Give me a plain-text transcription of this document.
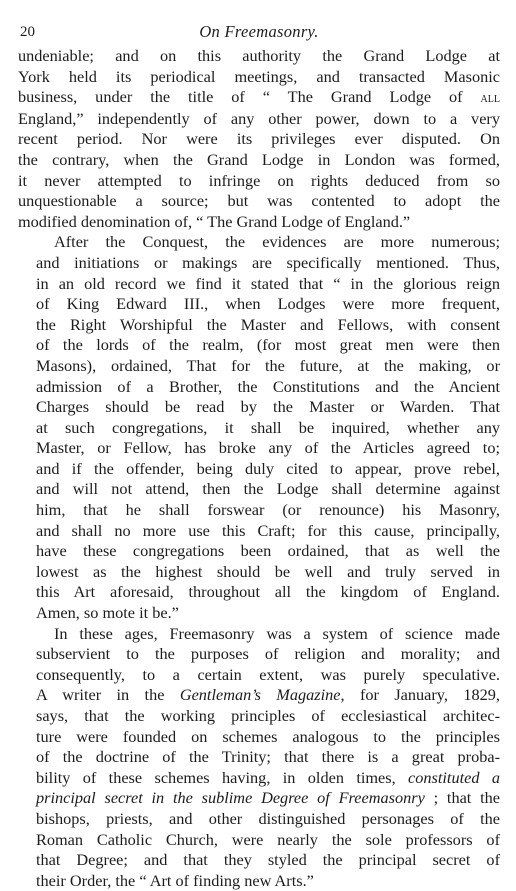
20	On Freemasonry.

undeniable; and on this authority the Grand Lodge at
York held its periodical meetings, and transacted Masonic
business, under the title of “ The Grand Lodge of all
England,” independently of any other power, down to a very
recent period. Nor were its privileges ever disputed. On
the contrary, when the Grand Lodge in London was formed,
it never attempted to infringe on rights deduced from so
unquestionable a source; but was contented to adopt the
modified denomination of, “ The Grand Lodge of England.”

After the Conquest, the evidences are more numerous;
and initiations or makings are specifically mentioned. Thus,
in an old record we find it stated that “ in the glorious reign
of King Edward III., when Lodges were more frequent,
the Right Worshipful the Master and Fellows, with consent
of the lords of the realm, (for most great men were then
Masons), ordained, That for the future, at the making, or
admission of a Brother, the Constitutions and the Ancient
Charges should be read by the Master or Warden. That
at such congregations, it shall be inquired, whether any
Master, or Fellow, has broke any of the Articles agreed to;
and if the offender, being duly cited to appear, prove rebel,
and will not attend, then the Lodge shall determine against
him, that he shall forswear (or renounce) his Masonry,
and shall no more use this Craft; for this cause, principally,
have these congregations been ordained, that as well the
lowest as the highest should be well and truly served in
this Art aforesaid, throughout all the kingdom of England.
Amen, so mote it be.”

In these ages, Freemasonry was a system of science made
subservient to the purposes of religion and morality; and
consequently, to a certain extent, was purely speculative.
A writer in the Gentleman’s Magazine, for January, 1829,
says, that the working principles of ecclesiastical architec-
ture were founded on schemes analogous to the principles
of the doctrine of the Trinity; that there is a great proba-
bility of these schemes having, in olden times, constituted a
principal secret in the sublime Degree of Freemasonry ; that the
bishops, priests, and other distinguished personages of the
Roman Catholic Church, were nearly the sole professors of
that Degree; and that they styled the principal secret of
their Order, the “ Art of finding new Arts.”
